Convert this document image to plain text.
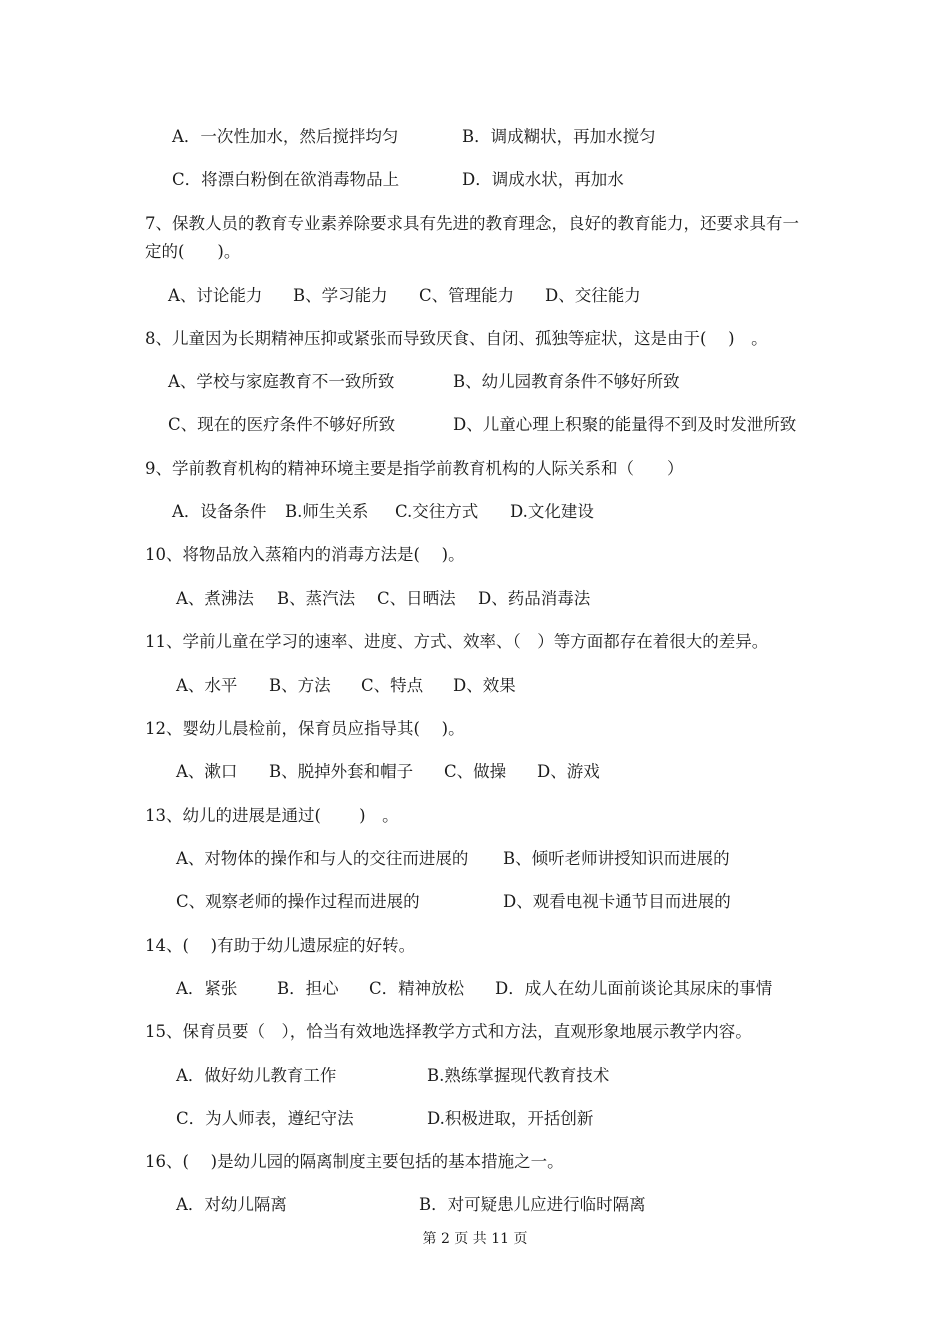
A．一次性加水，然后搅拌均匀	B．调成糊状，再加水搅匀
C．将漂白粉倒在欲消毒物品上	D．调成水状，再加水
7、保教人员的教育专业素养除要求具有先进的教育理念，良好的教育能力，还要求具有一
定的(　　)。
A、讨论能力 B、学习能力 C、管理能力 D、交往能力
8、儿童因为长期精神压抑或紧张而导致厌食、自闭、孤独等症状，这是由于(　 )　。
A、学校与家庭教育不一致所致	B、幼儿园教育条件不够好所致
C、现在的医疗条件不够好所致	D、儿童心理上积聚的能量得不到及时发泄所致
9、学前教育机构的精神环境主要是指学前教育机构的人际关系和（　　）
A．设备条件 B.师生关系 C.交往方式 D.文化建设
10、将物品放入蒸箱内的消毒方法是(　 )。
A、煮沸法 B、蒸汽法 C、日晒法 D、药品消毒法
11、学前儿童在学习的速率、进度、方式、效率、（　）等方面都存在着很大的差异。
A、水平 B、方法 C、特点 D、效果
12、婴幼儿晨检前，保育员应指导其(　 )。
A、漱口 B、脱掉外套和帽子 C、做操 D、游戏
13、幼儿的进展是通过(　　 )　。
A、对物体的操作和与人的交往而进展的 B、倾听老师讲授知识而进展的
C、观察老师的操作过程而进展的	D、观看电视卡通节目而进展的
14、(　 )有助于幼儿遗尿症的好转。
A．紧张 B．担心 C．精神放松 D．成人在幼儿面前谈论其尿床的事情
15、保育员要（　），恰当有效地选择教学方式和方法，直观形象地展示教学内容。
A．做好幼儿教育工作	B.熟练掌握现代教育技术
C．为人师表，遵纪守法	D.积极进取，开括创新
16、(　 )是幼儿园的隔离制度主要包括的基本措施之一。
A．对幼儿隔离	B．对可疑患儿应进行临时隔离
第 2 页 共 11 页
